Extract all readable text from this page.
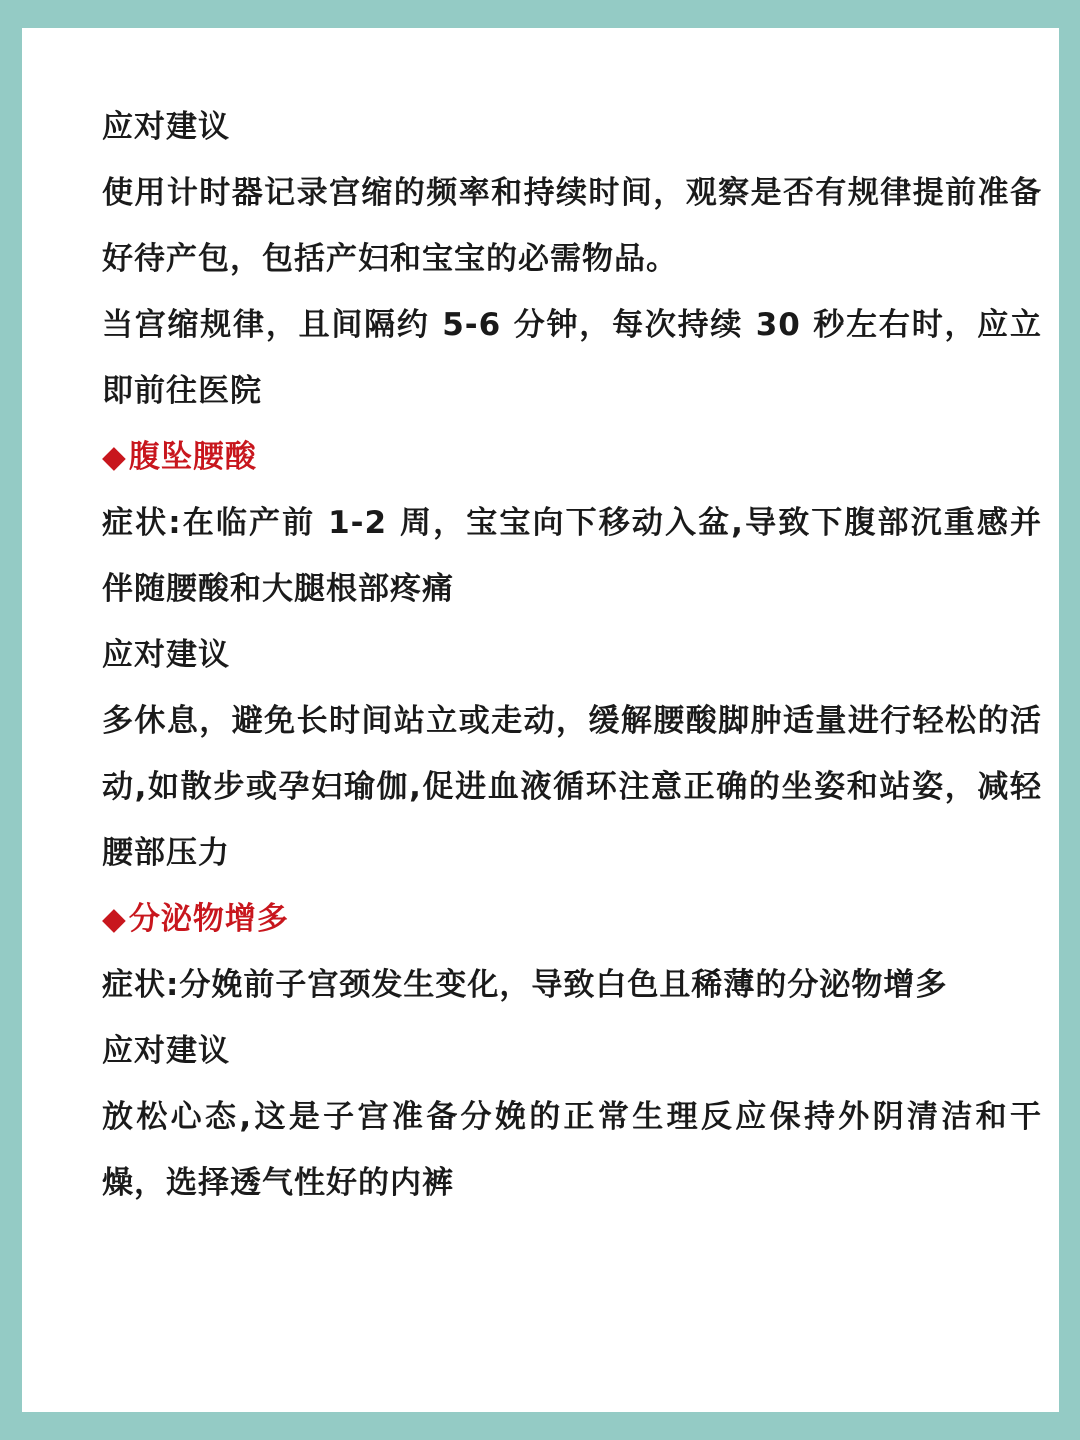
应对建议

使用计时器记录宫缩的频率和持续时间，观察是否有规律提前准备好待产包，包括产妇和宝宝的必需物品。

当宫缩规律，且间隔约 5-6 分钟，每次持续 30 秒左右时，应立即前往医院

◆腹坠腰酸

症状:在临产前 1-2 周，宝宝向下移动入盆,导致下腹部沉重感并伴随腰酸和大腿根部疼痛

应对建议

多休息，避免长时间站立或走动，缓解腰酸脚肿适量进行轻松的活动,如散步或孕妇瑜伽,促进血液循环注意正确的坐姿和站姿，减轻腰部压力

◆分泌物增多

症状:分娩前子宫颈发生变化，导致白色且稀薄的分泌物增多

应对建议

放松心态,这是子宫准备分娩的正常生理反应保持外阴清洁和干燥，选择透气性好的内裤
